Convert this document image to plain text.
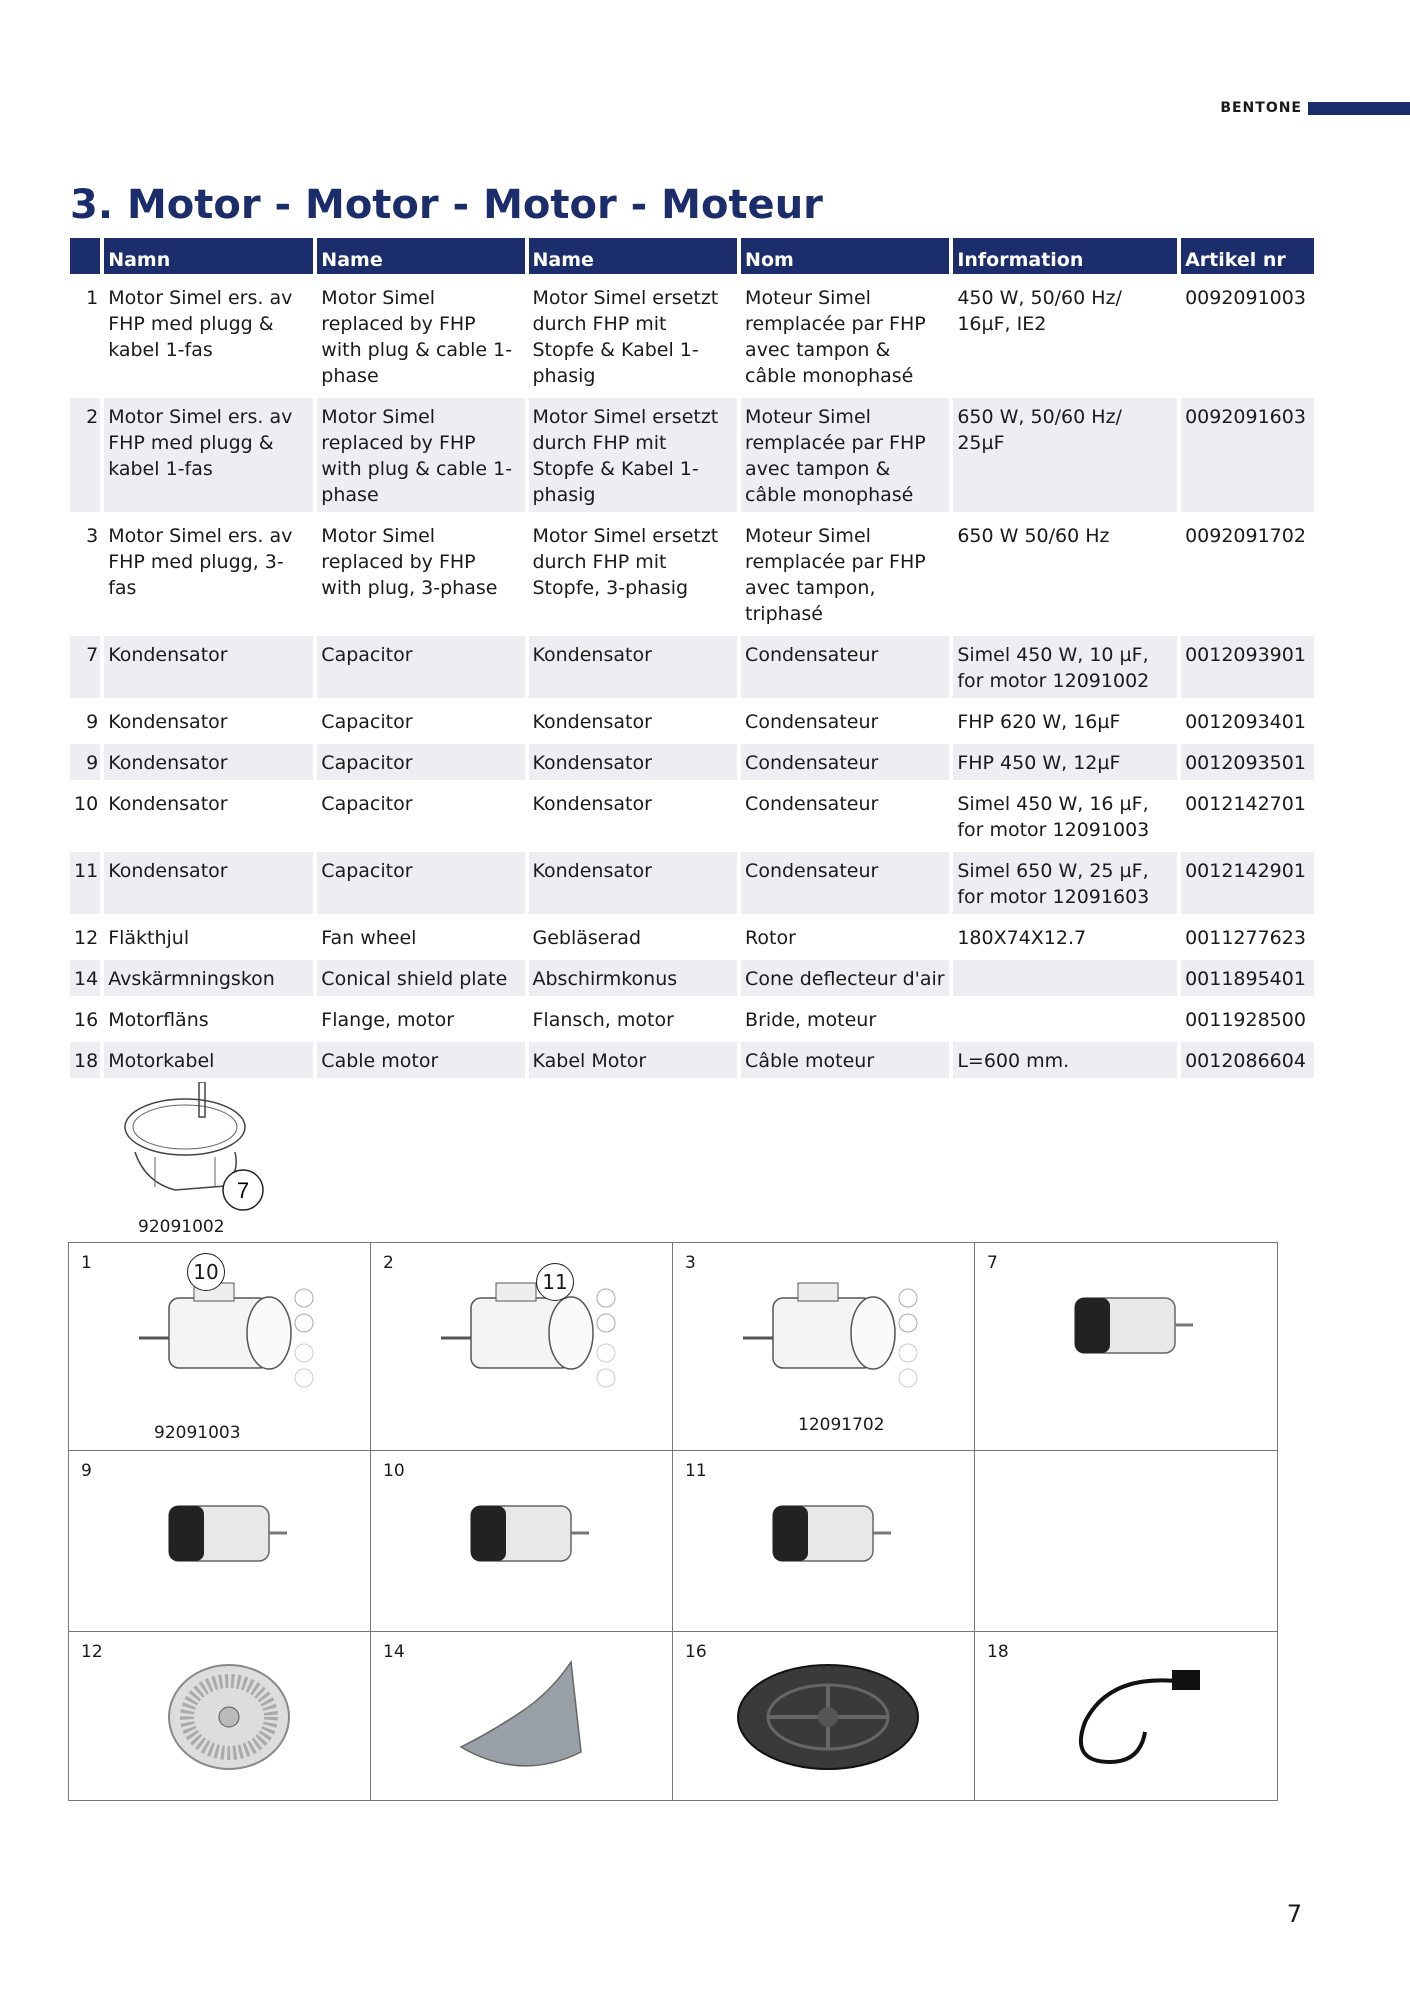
BENTONE
3. Motor - Motor - Motor - Moteur
	Namn	Name	Name	Nom	Information	Artikel nr
1	Motor Simel ers. av FHP med plugg & kabel 1-fas	Motor Simel replaced by FHP with plug & cable 1-phase	Motor Simel ersetzt durch FHP mit Stopfe & Kabel 1-phasig	Moteur Simel remplacée par FHP avec tampon & câble monophasé	450 W, 50/60 Hz/ 16µF, IE2	0092091003
2	Motor Simel ers. av FHP med plugg & kabel 1-fas	Motor Simel replaced by FHP with plug & cable 1-phase	Motor Simel ersetzt durch FHP mit Stopfe & Kabel 1-phasig	Moteur Simel remplacée par FHP avec tampon & câble monophasé	650 W, 50/60 Hz/ 25µF	0092091603
3	Motor Simel ers. av FHP med plugg, 3-fas	Motor Simel replaced by FHP with plug, 3-phase	Motor Simel ersetzt durch FHP mit Stopfe, 3-phasig	Moteur Simel remplacée par FHP avec tampon, triphasé	650 W 50/60 Hz	0092091702
7	Kondensator	Capacitor	Kondensator	Condensateur	Simel 450 W, 10 µF, for motor 12091002	0012093901
9	Kondensator	Capacitor	Kondensator	Condensateur	FHP 620 W, 16µF	0012093401
9	Kondensator	Capacitor	Kondensator	Condensateur	FHP 450 W, 12µF	0012093501
10	Kondensator	Capacitor	Kondensator	Condensateur	Simel 450 W, 16 µF, for motor 12091003	0012142701
11	Kondensator	Capacitor	Kondensator	Condensateur	Simel 650 W, 25 µF, for motor 12091603	0012142901
12	Fläkthjul	Fan wheel	Gebläserad	Rotor	180X74X12.7	0011277623
14	Avskärmningskon	Conical shield plate	Abschirmkonus	Cone deflecteur d'air		0011895401
16	Motorfläns	Flange, motor	Flansch, motor	Bride, moteur		0011928500
18	Motorkabel	Cable motor	Kabel Motor	Câble moteur	L=600 mm.	0012086604
7
92091002
1	10
92091003
2
11
3
12091702
7
9	10	11
12	14	16	18
7
